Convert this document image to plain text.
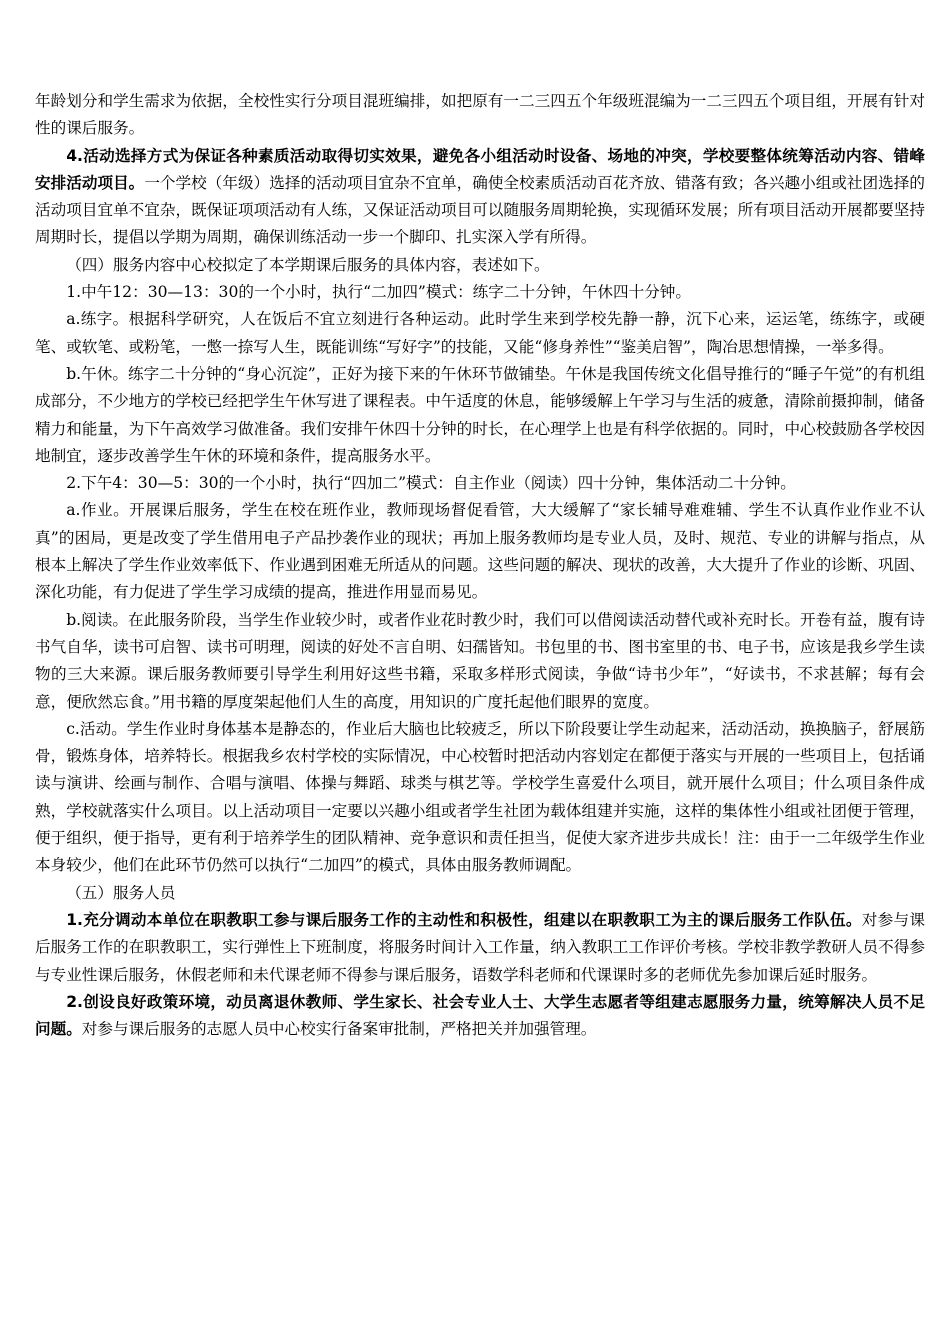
年龄划分和学生需求为依据，全校性实行分项目混班编排，如把原有一二三四五个年级班混编为一二三四五个项目组，开展有针对性的课后服务。

4.活动选择方式为保证各种素质活动取得切实效果，避免各小组活动时设备、场地的冲突，学校要整体统筹活动内容、错峰安排活动项目。一个学校（年级）选择的活动项目宜杂不宜单，确使全校素质活动百花齐放、错落有致；各兴趣小组或社团选择的活动项目宜单不宜杂，既保证项项活动有人练，又保证活动项目可以随服务周期轮换，实现循环发展；所有项目活动开展都要坚持周期时长，提倡以学期为周期，确保训练活动一步一个脚印、扎实深入学有所得。

（四）服务内容中心校拟定了本学期课后服务的具体内容，表述如下。

1.中午12：30—13：30的一个小时，执行“二加四”模式：练字二十分钟，午休四十分钟。

a.练字。根据科学研究，人在饭后不宜立刻进行各种运动。此时学生来到学校先静一静，沉下心来，运运笔，练练字，或硬笔、或软笔、或粉笔，一憋一捺写人生，既能训练“写好字”的技能，又能“修身养性”“鉴美启智”，陶冶思想情操，一举多得。

b.午休。练字二十分钟的“身心沉淀”，正好为接下来的午休环节做铺垫。午休是我国传统文化倡导推行的“睡子午觉”的有机组成部分，不少地方的学校已经把学生午休写进了课程表。中午适度的休息，能够缓解上午学习与生活的疲惫，清除前摄抑制，储备精力和能量，为下午高效学习做准备。我们安排午休四十分钟的时长，在心理学上也是有科学依据的。同时，中心校鼓励各学校因地制宜，逐步改善学生午休的环境和条件，提高服务水平。

2.下午4：30—5：30的一个小时，执行“四加二”模式：自主作业（阅读）四十分钟，集体活动二十分钟。

a.作业。开展课后服务，学生在校在班作业，教师现场督促看管，大大缓解了“家长辅导难难辅、学生不认真作业作业不认真”的困局，更是改变了学生借用电子产品抄袭作业的现状；再加上服务教师均是专业人员，及时、规范、专业的讲解与指点，从根本上解决了学生作业效率低下、作业遇到困难无所适从的问题。这些问题的解决、现状的改善，大大提升了作业的诊断、巩固、深化功能，有力促进了学生学习成绩的提高，推进作用显而易见。

b.阅读。在此服务阶段，当学生作业较少时，或者作业花时教少时，我们可以借阅读活动替代或补充时长。开卷有益，腹有诗书气自华，读书可启智、读书可明理，阅读的好处不言自明、妇孺皆知。书包里的书、图书室里的书、电子书，应该是我乡学生读物的三大来源。课后服务教师要引导学生利用好这些书籍，采取多样形式阅读，争做“诗书少年”，“好读书，不求甚解；每有会意，便欣然忘食。”用书籍的厚度架起他们人生的高度，用知识的广度托起他们眼界的宽度。

c.活动。学生作业时身体基本是静态的，作业后大脑也比较疲乏，所以下阶段要让学生动起来，活动活动，换换脑子，舒展筋骨，锻炼身体，培养特长。根据我乡农村学校的实际情况，中心校暂时把活动内容划定在都便于落实与开展的一些项目上，包括诵读与演讲、绘画与制作、合唱与演唱、体操与舞蹈、球类与棋艺等。学校学生喜爱什么项目，就开展什么项目；什么项目条件成熟，学校就落实什么项目。以上活动项目一定要以兴趣小组或者学生社团为载体组建并实施，这样的集体性小组或社团便于管理，便于组织，便于指导，更有利于培养学生的团队精神、竞争意识和责任担当，促使大家齐进步共成长！注：由于一二年级学生作业本身较少，他们在此环节仍然可以执行“二加四”的模式，具体由服务教师调配。

（五）服务人员

1.充分调动本单位在职教职工参与课后服务工作的主动性和积极性，组建以在职教职工为主的课后服务工作队伍。对参与课后服务工作的在职教职工，实行弹性上下班制度，将服务时间计入工作量，纳入教职工工作评价考核。学校非教学教研人员不得参与专业性课后服务，休假老师和未代课老师不得参与课后服务，语数学科老师和代课课时多的老师优先参加课后延时服务。

2.创设良好政策环境，动员离退休教师、学生家长、社会专业人士、大学生志愿者等组建志愿服务力量，统筹解决人员不足问题。对参与课后服务的志愿人员中心校实行备案审批制，严格把关并加强管理。
